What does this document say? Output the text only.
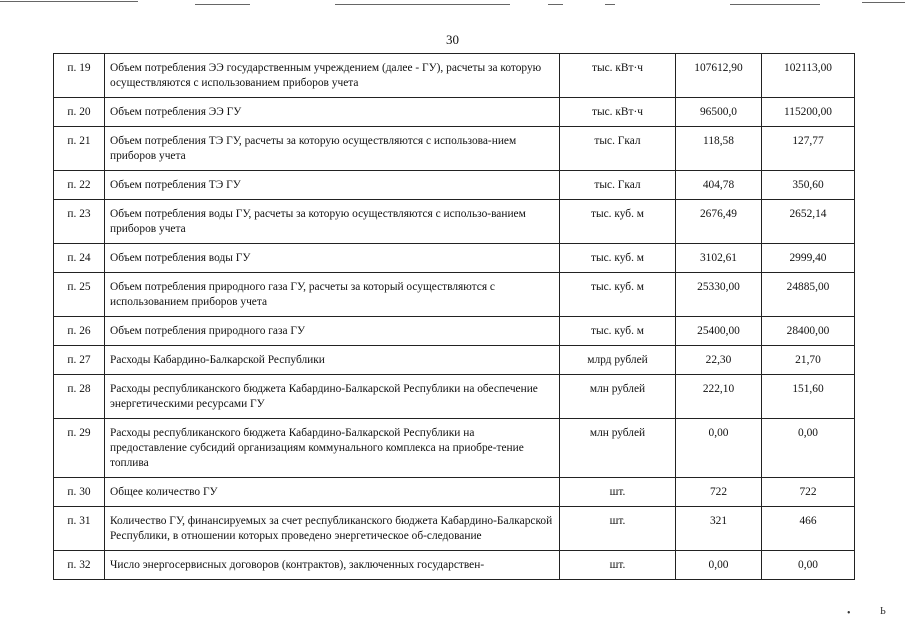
30
п. 19	Объем потребления ЭЭ государственным учреждением (далее - ГУ), расчеты за которую осуществляются с использованием приборов учета	тыс. кВт·ч	107612,90	102113,00
п. 20	Объем потребления ЭЭ ГУ	тыс. кВт·ч	96500,0	115200,00
п. 21	Объем потребления ТЭ ГУ, расчеты за которую осуществляются с использова-нием приборов учета	тыс. Гкал	118,58	127,77
п. 22	Объем потребления ТЭ ГУ	тыс. Гкал	404,78	350,60
п. 23	Объем потребления воды ГУ, расчеты за которую осуществляются с использо-ванием приборов учета	тыс. куб. м	2676,49	2652,14
п. 24	Объем потребления воды ГУ	тыс. куб. м	3102,61	2999,40
п. 25	Объем потребления природного газа ГУ, расчеты за который осуществляются с использованием приборов учета	тыс. куб. м	25330,00	24885,00
п. 26	Объем потребления природного газа ГУ	тыс. куб. м	25400,00	28400,00
п. 27	Расходы Кабардино-Балкарской Республики	млрд рублей	22,30	21,70
п. 28	Расходы республиканского бюджета Кабардино-Балкарской Республики на обеспечение энергетическими ресурсами ГУ	млн рублей	222,10	151,60
п. 29	Расходы республиканского бюджета Кабардино-Балкарской Республики на предоставление субсидий организациям коммунального комплекса на приобре-тение топлива	млн рублей	0,00	0,00
п. 30	Общее количество ГУ	шт.	722	722
п. 31	Количество ГУ, финансируемых за счет республиканского бюджета Кабардино-Балкарской Республики, в отношении которых проведено энергетическое об-следование	шт.	321	466
п. 32	Число энергосервисных договоров (контрактов), заключенных государствен-	шт.	0,00	0,00
•	Ь
